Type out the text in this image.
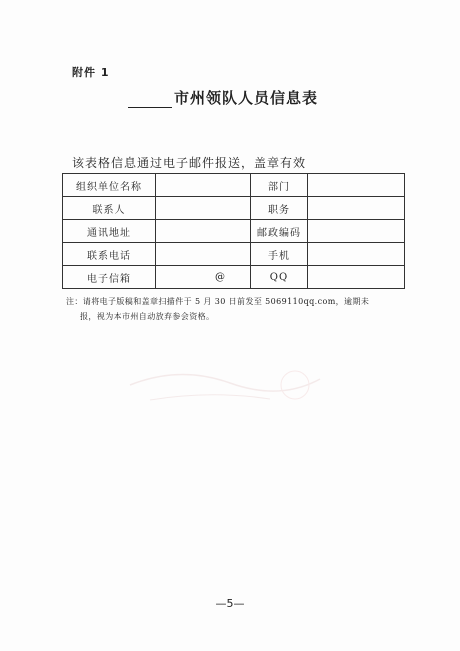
附件 1
市州领队人员信息表
该表格信息通过电子邮件报送，盖章有效
组织单位名称		部门	
联系人		职务	
通讯地址		邮政编码	
联系电话		手机	
电子信箱	@	QQ	
注：请将电子版稿和盖章扫描件于 5 月 30 日前发至 5069110qq.com，逾期未
报，视为本市州自动放弃参会资格。
—5—
